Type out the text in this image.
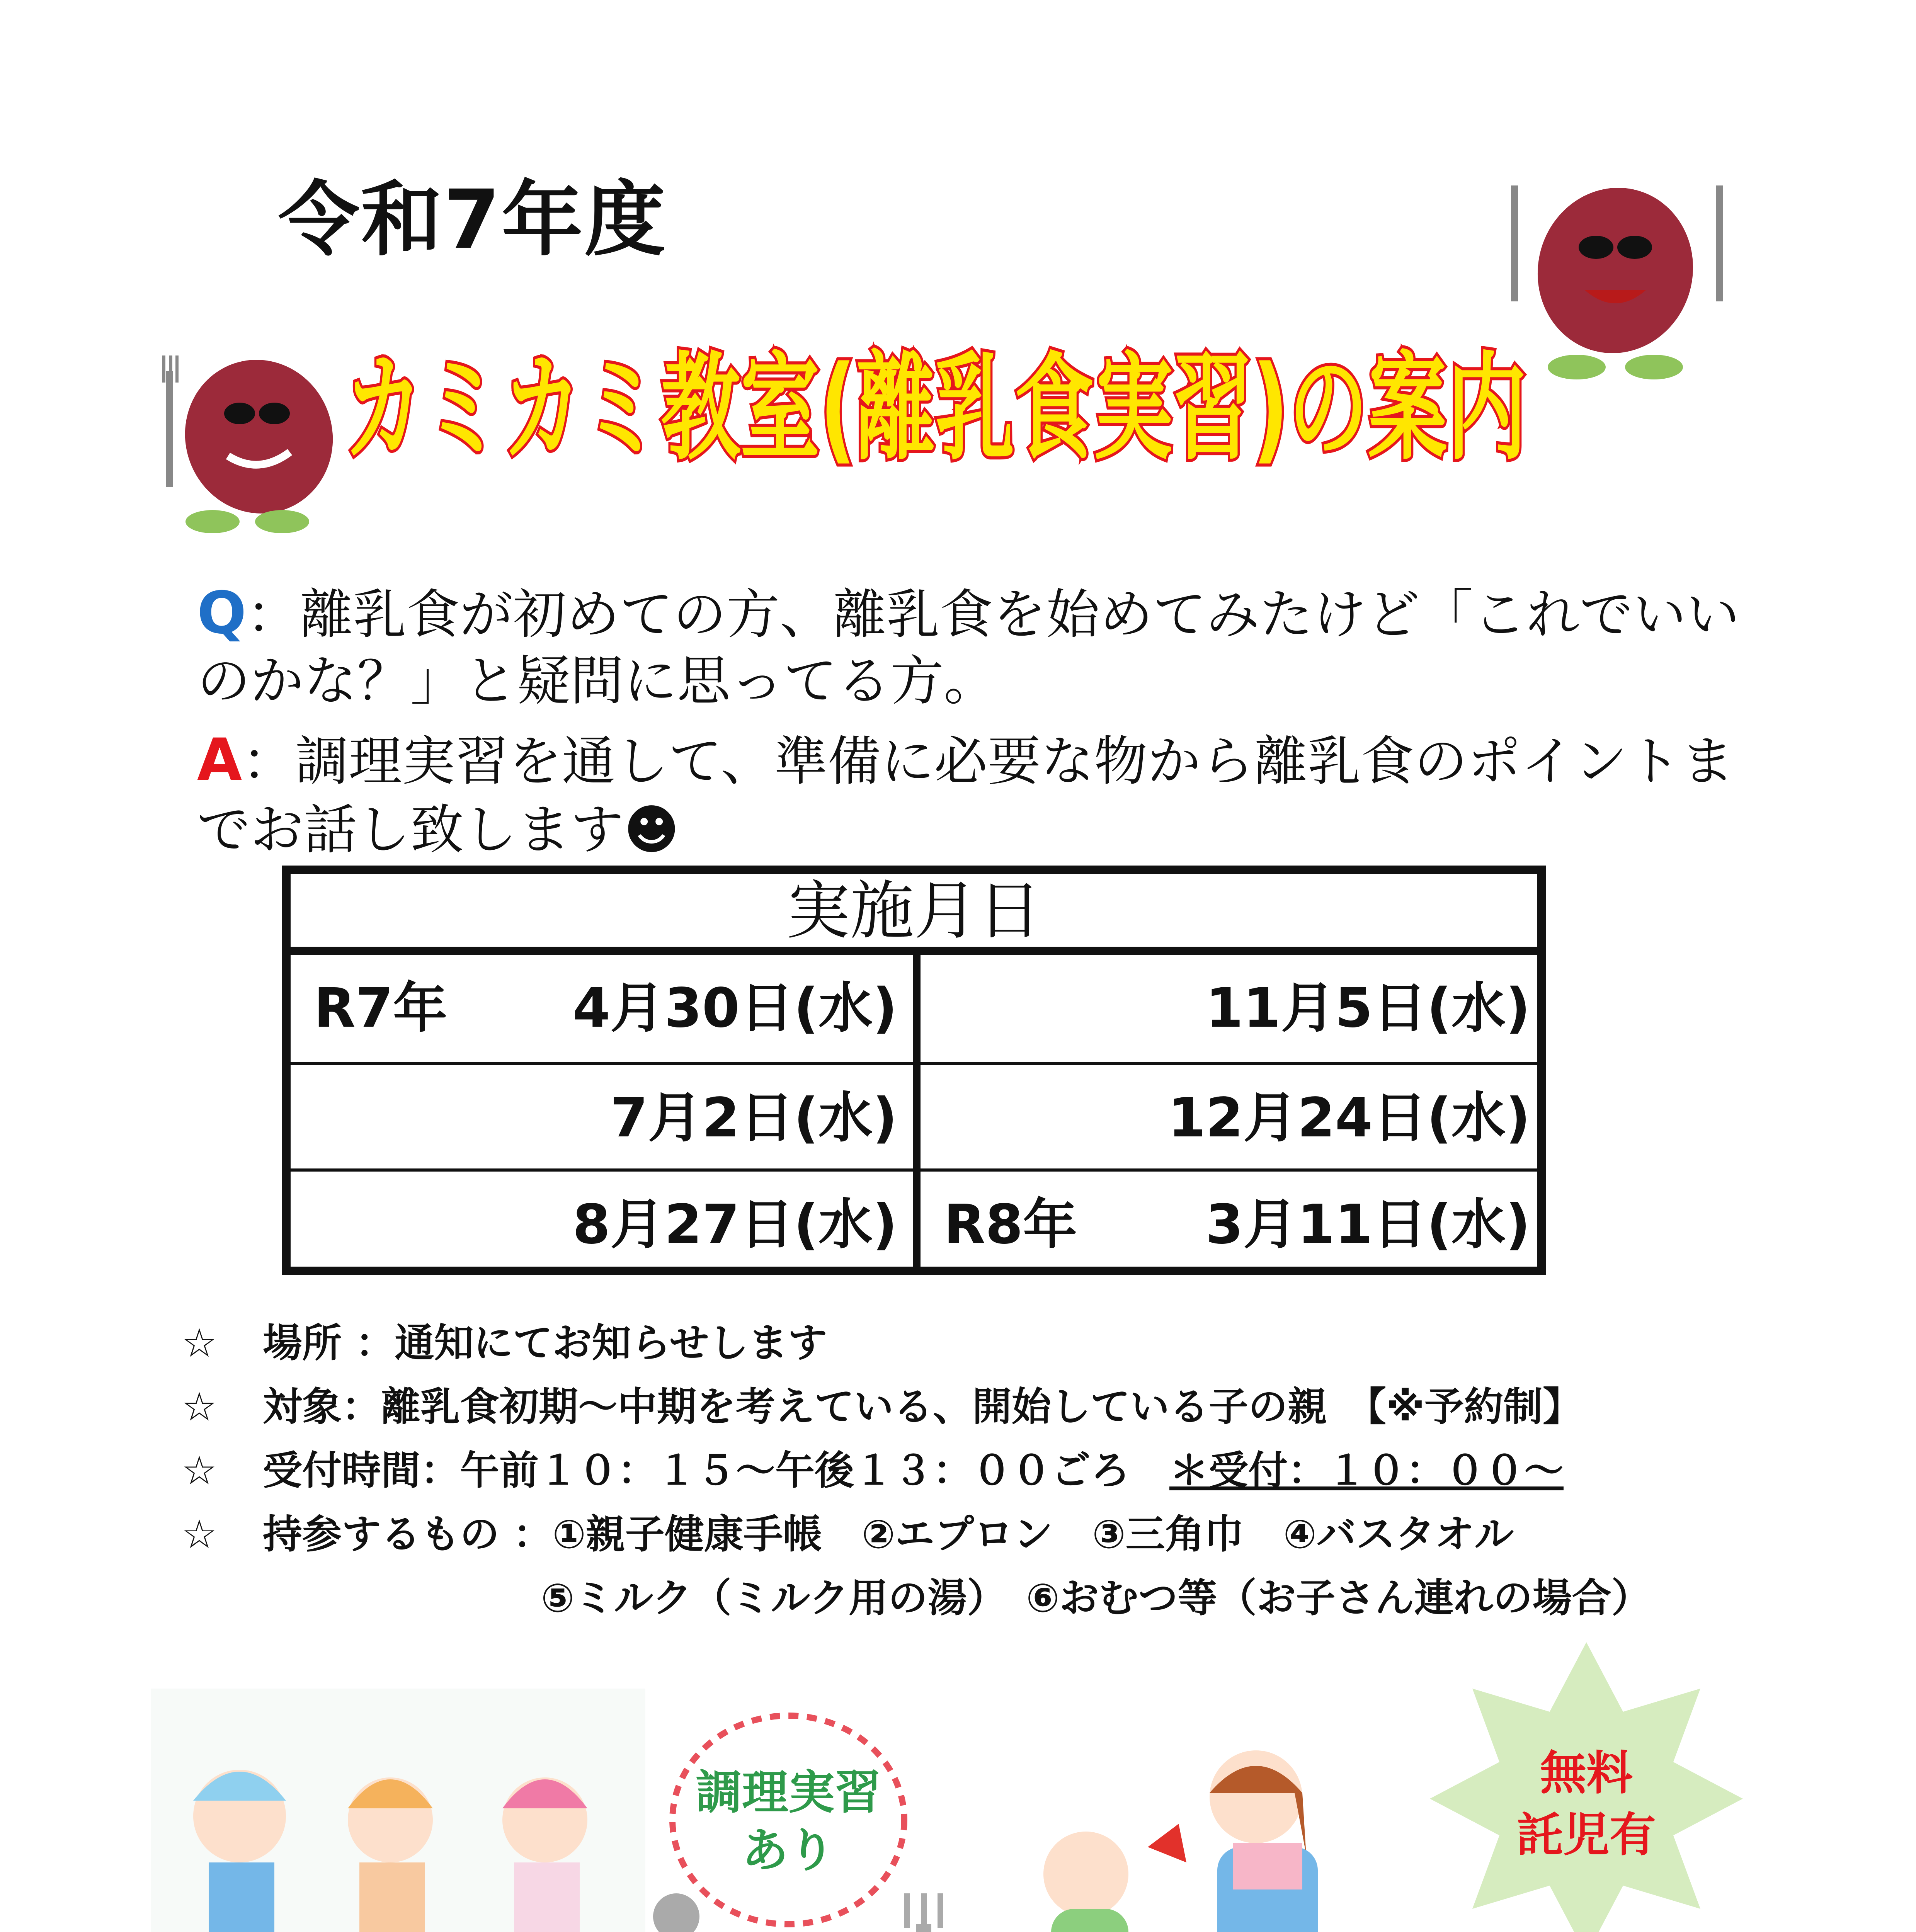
令和7年度
カミカミ教室(離乳食実習)の案内
Q：離乳食が初めての方、離乳食を始めてみたけど「これでいい
のかな？」と疑問に思ってる方。
A：調理実習を通して、準備に必要な物から離乳食のポイントま
でお話し致します☻
実施月日
R7年 4月30日(水)	11月5日(水)
7月2日(水)	12月24日(水)
8月27日(水) R8年 3月11日(水)
☆ 場所 ：通知にてお知らせします
☆ 対象：離乳食初期～中期を考えている、開始している子の親　【※予約制】
☆ 受付時間：午前１０：１５～午後１３：００ごろ　＊受付：１０：００～
☆ 持参するもの ：①親子健康手帳　②エプロン　③三角巾　④バスタオル
⑤ミルク（ミルク用の湯）　⑥おむつ等（お子さん連れの場合）
調理実習
あり
無料
託児有
